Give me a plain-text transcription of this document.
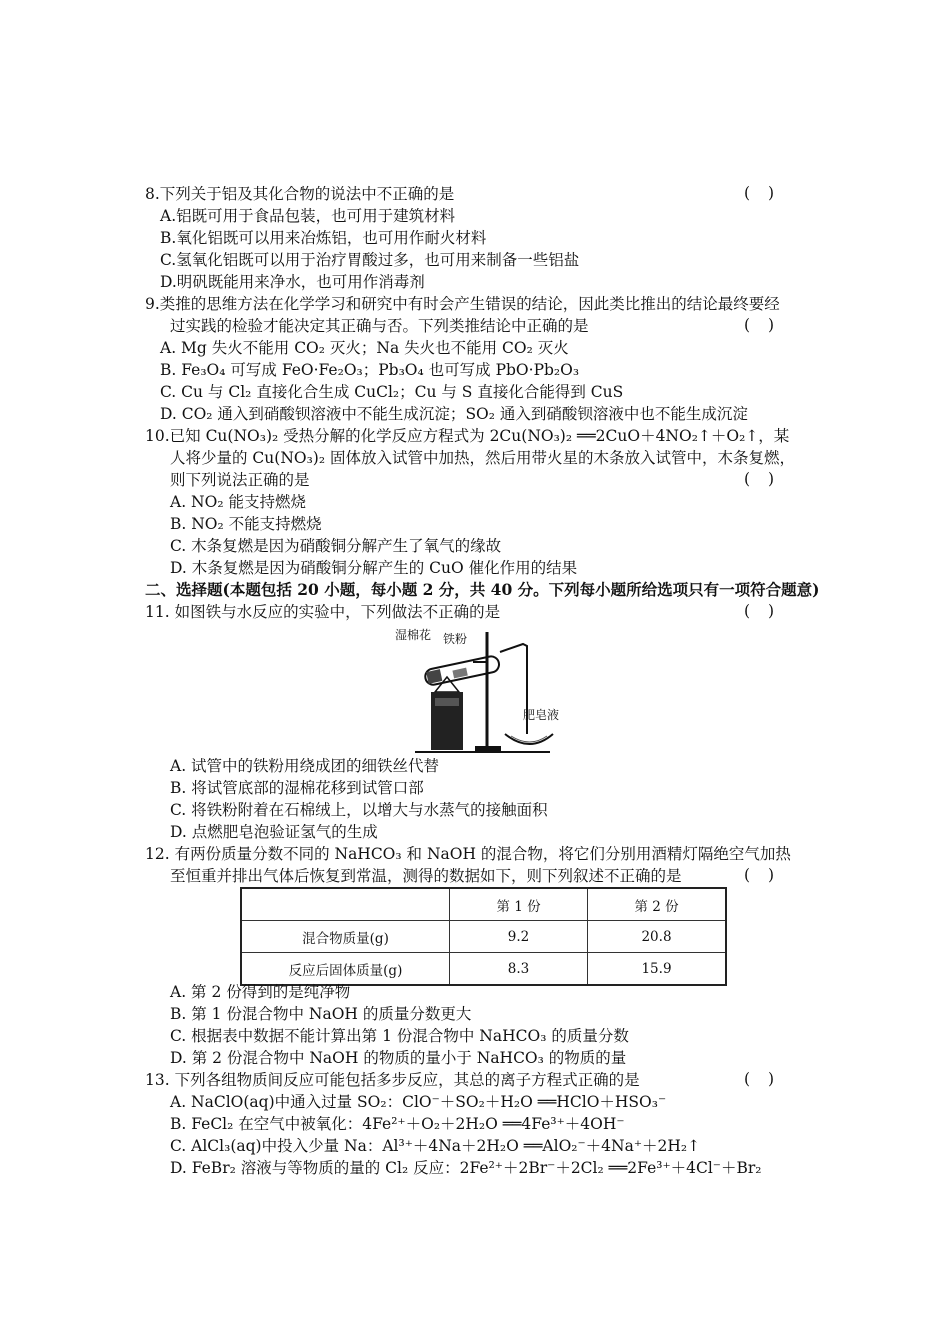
8.下列关于铝及其化合物的说法中不正确的是	()
A.铝既可用于食品包装，也可用于建筑材料
B.氧化铝既可以用来冶炼铝，也可用作耐火材料
C.氢氧化铝既可以用于治疗胃酸过多，也可用来制备一些铝盐
D.明矾既能用来净水，也可用作消毒剂
9.类推的思维方法在化学学习和研究中有时会产生错误的结论，因此类比推出的结论最终要经
过实践的检验才能决定其正确与否。下列类推结论中正确的是	()
A. Mg 失火不能用 CO₂ 灭火；Na 失火也不能用 CO₂ 灭火
B. Fe₃O₄ 可写成 FeO·Fe₂O₃；Pb₃O₄ 也可写成 PbO·Pb₂O₃
C. Cu 与 Cl₂ 直接化合生成 CuCl₂；Cu 与 S 直接化合能得到 CuS
D. CO₂ 通入到硝酸钡溶液中不能生成沉淀；SO₂ 通入到硝酸钡溶液中也不能生成沉淀
10.已知 Cu(NO₃)₂ 受热分解的化学反应方程式为 2Cu(NO₃)₂ ══2CuO＋4NO₂↑＋O₂↑，某
人将少量的 Cu(NO₃)₂ 固体放入试管中加热，然后用带火星的木条放入试管中，木条复燃，
则下列说法正确的是	()
A. NO₂ 能支持燃烧
B. NO₂ 不能支持燃烧
C. 木条复燃是因为硝酸铜分解产生了氧气的缘故
D. 木条复燃是因为硝酸铜分解产生的 CuO 催化作用的结果
二、选择题(本题包括 20 小题，每小题 2 分，共 40 分。下列每小题所给选项只有一项符合题意)
11. 如图铁与水反应的实验中，下列做法不正确的是	()
湿棉花 铁粉
肥皂液
A. 试管中的铁粉用绕成团的细铁丝代替
B. 将试管底部的湿棉花移到试管口部
C. 将铁粉附着在石棉绒上，以增大与水蒸气的接触面积
D. 点燃肥皂泡验证氢气的生成
12. 有两份质量分数不同的 NaHCO₃ 和 NaOH 的混合物，将它们分别用酒精灯隔绝空气加热
至恒重并排出气体后恢复到常温，测得的数据如下，则下列叙述不正确的是	()
	第 1 份	第 2 份
混合物质量(g)	9.2	20.8
反应后固体质量(g)	8.3	15.9
A. 第 2 份得到的是纯净物
B. 第 1 份混合物中 NaOH 的质量分数更大
C. 根据表中数据不能计算出第 1 份混合物中 NaHCO₃ 的质量分数
D. 第 2 份混合物中 NaOH 的物质的量小于 NaHCO₃ 的物质的量
13. 下列各组物质间反应可能包括多步反应，其总的离子方程式正确的是	()
A. NaClO(aq)中通入过量 SO₂：ClO⁻＋SO₂＋H₂O ══HClO＋HSO₃⁻
B. FeCl₂ 在空气中被氧化：4Fe²⁺＋O₂＋2H₂O ══4Fe³⁺＋4OH⁻
C. AlCl₃(aq)中投入少量 Na：Al³⁺＋4Na＋2H₂O ══AlO₂⁻＋4Na⁺＋2H₂↑
D. FeBr₂ 溶液与等物质的量的 Cl₂ 反应：2Fe²⁺＋2Br⁻＋2Cl₂ ══2Fe³⁺＋4Cl⁻＋Br₂
